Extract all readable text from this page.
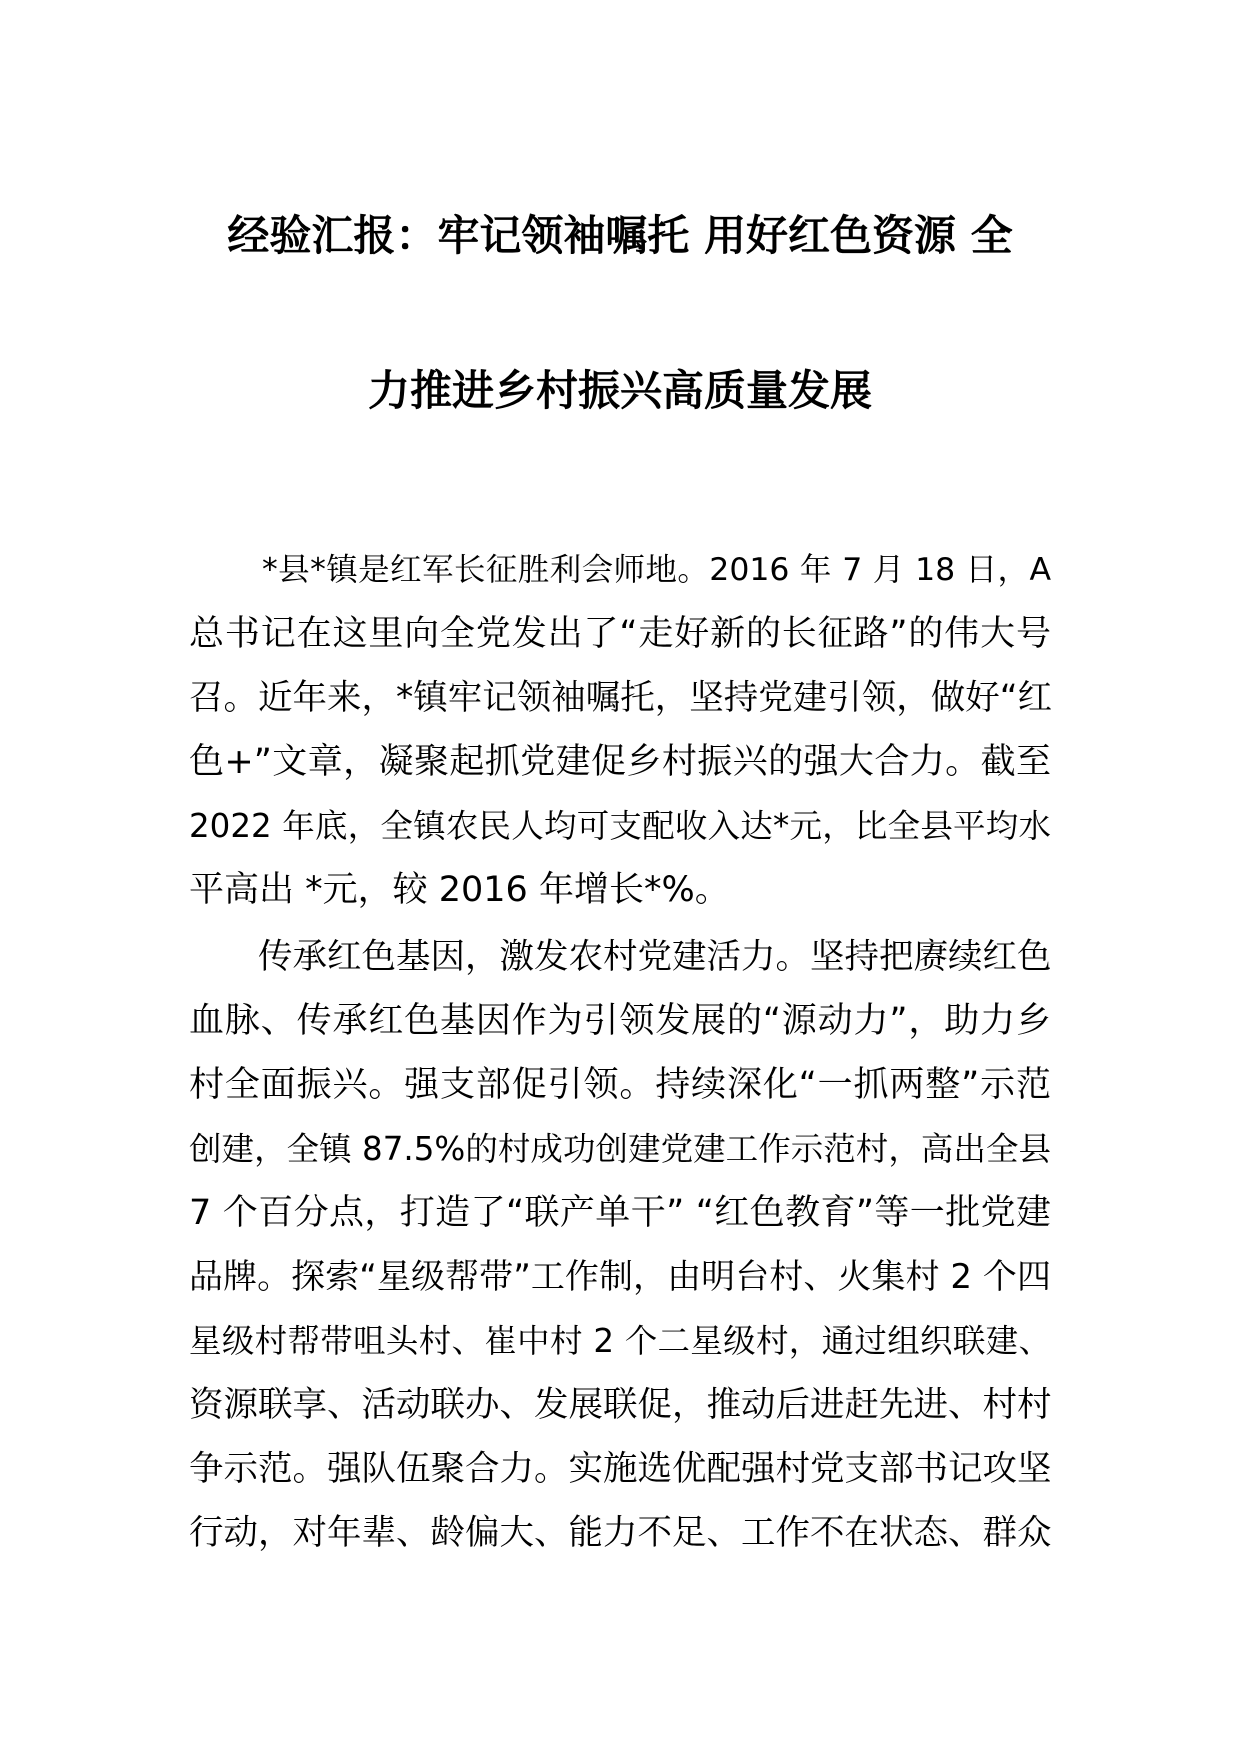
经验汇报：牢记领袖嘱托 用好红色资源 全
力推进乡村振兴高质量发展
*县*镇是红军长征胜利会师地。2016 年 7 月 18 日，A
总书记在这里向全党发出了“走好新的长征路”的伟大号
召。近年来，*镇牢记领袖嘱托，坚持党建引领，做好“红
色+”文章，凝聚起抓党建促乡村振兴的强大合力。截至
2022 年底，全镇农民人均可支配收入达*元，比全县平均水
平高出 *元，较 2016 年增长*%。
传承红色基因，激发农村党建活力。坚持把赓续红色
血脉、传承红色基因作为引领发展的“源动力”，助力乡
村全面振兴。强支部促引领。持续深化“一抓两整”示范
创建，全镇 87.5%的村成功创建党建工作示范村，高出全县
7 个百分点，打造了“联产单干” “红色教育”等一批党建
品牌。探索“星级帮带”工作制，由明台村、火集村 2 个四
星级村帮带咀头村、崔中村 2 个二星级村，通过组织联建、
资源联享、活动联办、发展联促，推动后进赶先进、村村
争示范。强队伍聚合力。实施选优配强村党支部书记攻坚
行动，对年辈、龄偏大、能力不足、工作不在状态、群众
